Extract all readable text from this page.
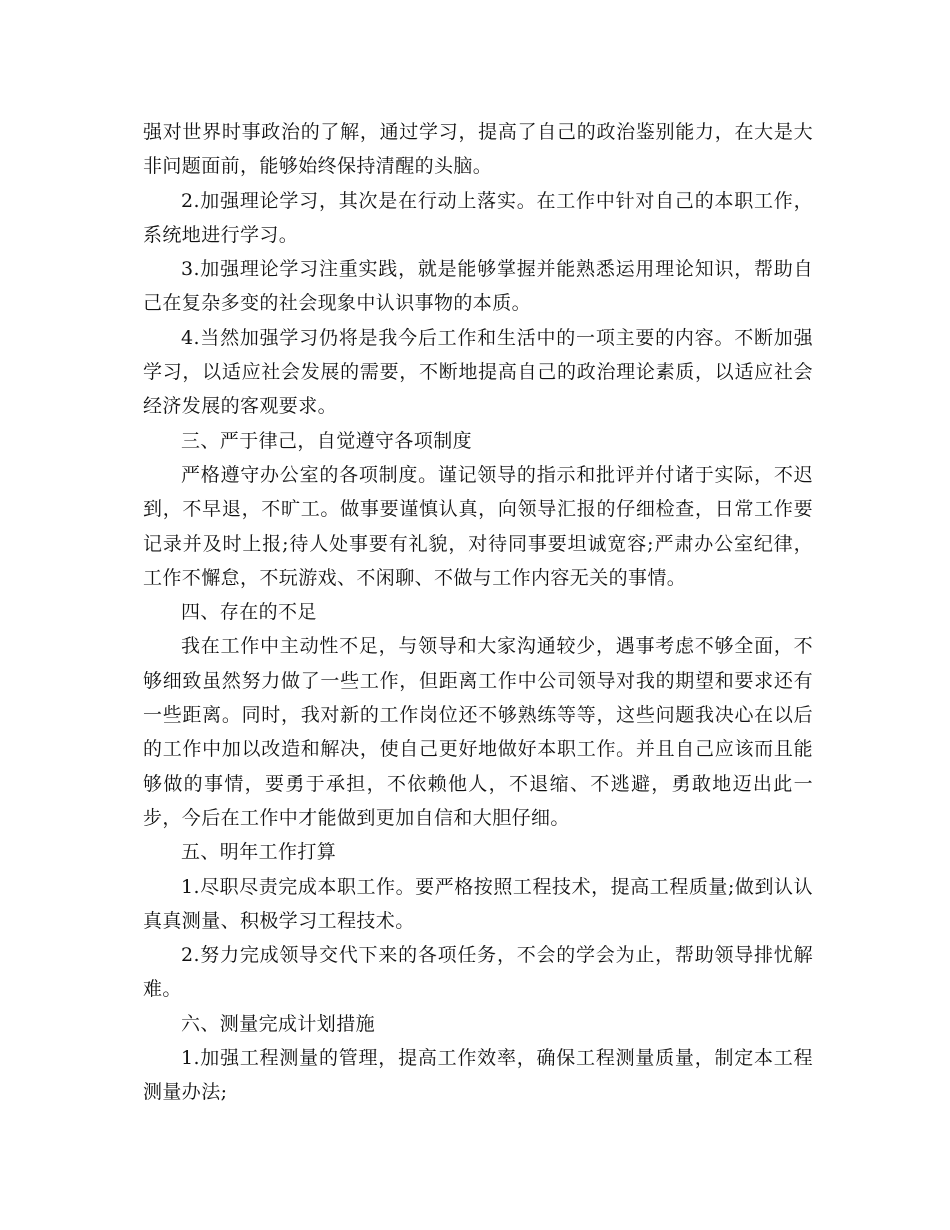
强对世界时事政治的了解，通过学习，提高了自己的政治鉴别能力，在大是大非问题面前，能够始终保持清醒的头脑。

2.加强理论学习，其次是在行动上落实。在工作中针对自己的本职工作，系统地进行学习。

3.加强理论学习注重实践，就是能够掌握并能熟悉运用理论知识，帮助自己在复杂多变的社会现象中认识事物的本质。

4.当然加强学习仍将是我今后工作和生活中的一项主要的内容。不断加强学习，以适应社会发展的需要，不断地提高自己的政治理论素质，以适应社会经济发展的客观要求。

三、严于律己，自觉遵守各项制度

严格遵守办公室的各项制度。谨记领导的指示和批评并付诸于实际，不迟到，不早退，不旷工。做事要谨慎认真，向领导汇报的仔细检查，日常工作要记录并及时上报;待人处事要有礼貌，对待同事要坦诚宽容;严肃办公室纪律，工作不懈怠，不玩游戏、不闲聊、不做与工作内容无关的事情。

四、存在的不足

我在工作中主动性不足，与领导和大家沟通较少，遇事考虑不够全面，不够细致虽然努力做了一些工作，但距离工作中公司领导对我的期望和要求还有一些距离。同时，我对新的工作岗位还不够熟练等等，这些问题我决心在以后的工作中加以改造和解决，使自己更好地做好本职工作。并且自己应该而且能够做的事情，要勇于承担，不依赖他人，不退缩、不逃避，勇敢地迈出此一步，今后在工作中才能做到更加自信和大胆仔细。

五、明年工作打算

1.尽职尽责完成本职工作。要严格按照工程技术，提高工程质量;做到认认真真测量、积极学习工程技术。

2.努力完成领导交代下来的各项任务，不会的学会为止，帮助领导排忧解难。

六、测量完成计划措施

1.加强工程测量的管理，提高工作效率，确保工程测量质量，制定本工程测量办法;
